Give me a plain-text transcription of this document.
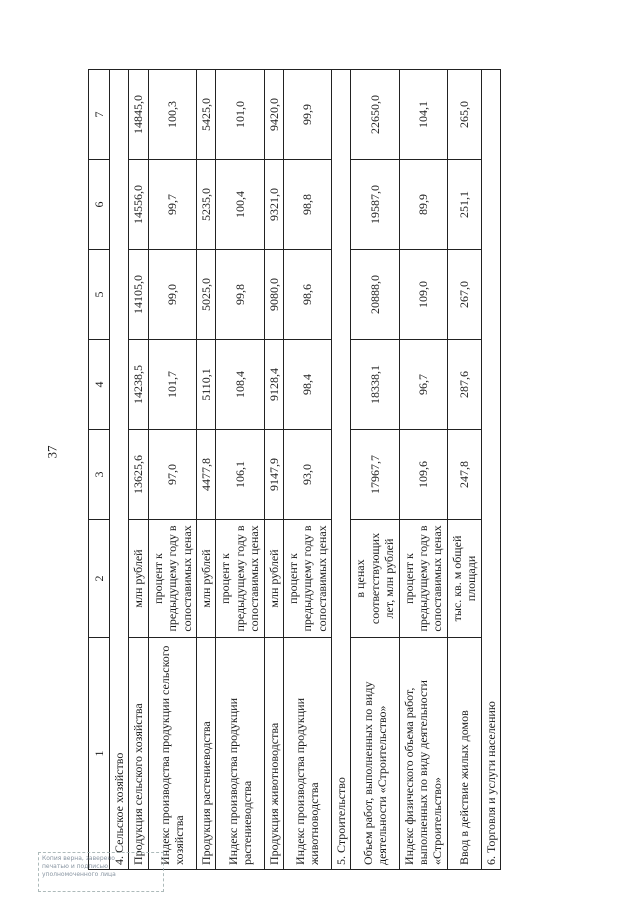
37
1	2	3	4	5	6	7
4. Сельское хозяйство						
Продукция сельского хозяйства	млн рублей	13625,6	14238,5	14105,0	14556,0	14845,0
Индекс производства продукции сельского хозяйства	процент к предыдущему году в сопоставимых ценах	97,0	101,7	99,0	99,7	100,3
Продукция растениеводства	млн рублей	4477,8	5110,1	5025,0	5235,0	5425,0
Индекс производства продукции растениеводства	процент к предыдущему году в сопоставимых ценах	106,1	108,4	99,8	100,4	101,0
Продукция животноводства	млн рублей	9147,9	9128,4	9080,0	9321,0	9420,0
Индекс производства продукции животноводства	процент к предыдущему году в сопоставимых ценах	93,0	98,4	98,6	98,8	99,9
5. Строительство						
Объем работ, выполненных по виду деятельности «Строительство»	в ценах соответствующих лет, млн рублей	17967,7	18338,1	20888,0	19587,0	22650,0
Индекс физического объема работ, выполненных по виду деятельности «Строительство»	процент к предыдущему году в сопоставимых ценах	109,6	96,7	109,0	89,9	104,1
Ввод в действие жилых домов	тыс. кв. м общей площади	247,8	287,6	267,0	251,1	265,0
6. Торговля и услуги населению						
Копия верна, заверено
печатью и подписью
уполномоченного лица
